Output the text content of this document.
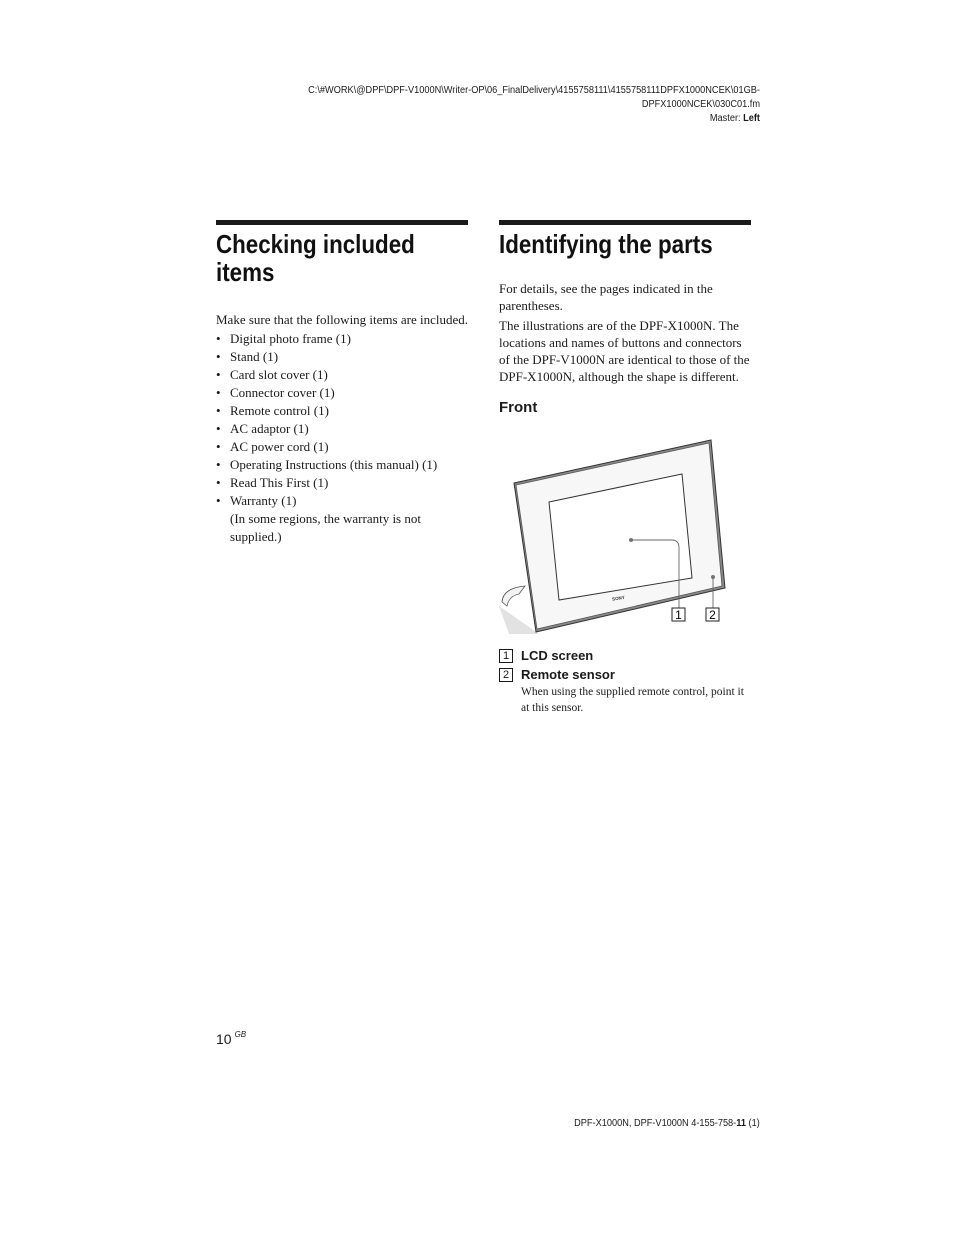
C:\#WORK\@DPF\DPF-V1000N\Writer-OP\06_FinalDelivery\4155758111\4155758111DPFX1000NCEK\01GB-
DPFX1000NCEK\030C01.fm
Master: Left
Checking included
items

Make sure that the following items are included.

• Digital photo frame (1)
• Stand (1)
• Card slot cover (1)
• Connector cover (1)
• Remote control (1)
• AC adaptor (1)
• AC power cord (1)
• Operating Instructions (this manual) (1)
• Read This First (1)
• Warranty (1)
(In some regions, the warranty is not supplied.)
Identifying the parts

For details, see the pages indicated in the parentheses.

The illustrations are of the DPF-X1000N. The locations and names of buttons and connectors of the DPF-V1000N are identical to those of the DPF-X1000N, although the shape is different.

Front
SONY
1 2
1 LCD screen
2 Remote sensor
When using the supplied remote control, point it at this sensor.
10 $^{GB}$
DPF-X1000N, DPF-V1000N 4-155-758-11 (1)
